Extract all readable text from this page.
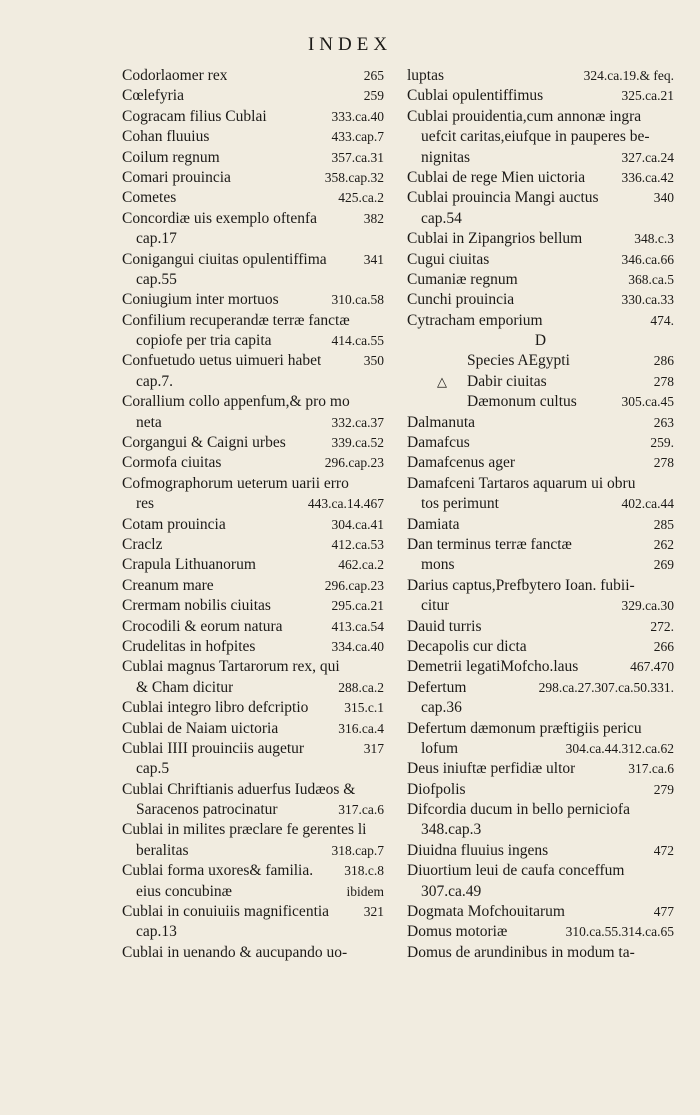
INDEX
Codorlaomer rex	265
Cœlefyria	259
Cogracam filius Cublai	333.ca.40
Cohan fluuius	433.cap.7
Coilum regnum	357.ca.31
Comari prouincia	358.cap.32
Cometes	425.ca.2
Concordiæ uis exemplo oftenfa	382
cap.17
Conigangui ciuitas opulentiffima	341
cap.55
Coniugium inter mortuos	310.ca.58
Confilium recuperandæ terræ fanctæ
copiofe per tria capita	414.ca.55
Confuetudo uetus uimueri habet	350
cap.7.
Corallium collo appenfum,& pro mo
neta	332.ca.37
Corgangui & Caigni urbes	339.ca.52
Cormofa ciuitas	296.cap.23
Cofmographorum ueterum uarii erro
res	443.ca.14.467
Cotam prouincia	304.ca.41
Craclz	412.ca.53
Crapula Lithuanorum	462.ca.2
Creanum mare	296.cap.23
Crermam nobilis ciuitas	295.ca.21
Crocodili & eorum natura	413.ca.54
Crudelitas in hofpites	334.ca.40
Cublai magnus Tartarorum rex, qui
& Cham dicitur	288.ca.2
Cublai integro libro defcriptio	315.c.1
Cublai de Naiam uictoria	316.ca.4
Cublai IIII prouinciis augetur	317
cap.5
Cublai Chriftianis aduerfus Iudæos &
Saracenos patrocinatur	317.ca.6
Cublai in milites præclare fe gerentes li
beralitas	318.cap.7
Cublai forma uxores& familia.	318.c.8
eius concubinæ	ibidem
Cublai in conuiuiis magnificentia	321
cap.13
Cublai in uenando & aucupando uo-
luptas	324.ca.19.& feq.
Cublai opulentiffimus	325.ca.21
Cublai prouidentia,cum annonæ ingra
uefcit caritas,eiufque in pauperes be-
nignitas	327.ca.24
Cublai de rege Mien uictoria	336.ca.42
Cublai prouincia Mangi auctus	340
cap.54
Cublai in Zipangrios bellum	348.c.3
Cugui ciuitas	346.ca.66
Cumaniæ regnum	368.ca.5
Cunchi prouincia	330.ca.33
Cytracham emporium	474.
D
Species AEgypti	286
△ Dabir ciuitas	278
Dæmonum cultus	305.ca.45
Dalmanuta	263
Damafcus	259.
Damafcenus ager	278
Damafceni Tartaros aquarum ui obru
tos perimunt	402.ca.44
Damiata	285
Dan terminus terræ fanctæ	262
mons	269
Darius captus,Prefbytero Ioan. fubii-
citur	329.ca.30
Dauid turris	272.
Decapolis cur dicta	266
Demetrii legatiMofcho.laus	467.470
Defertum	298.ca.27.307.ca.50.331.
cap.36
Defertum dæmonum præftigiis pericu
lofum	304.ca.44.312.ca.62
Deus iniuftæ perfidiæ ultor	317.ca.6
Diofpolis	279
Difcordia ducum in bello perniciofa
348.cap.3
Diuidna fluuius ingens	472
Diuortium leui de caufa conceffum
307.ca.49
Dogmata Mofchouitarum	477
Domus motoriæ	310.ca.55.314.ca.65
Domus de arundinibus in modum ta-
